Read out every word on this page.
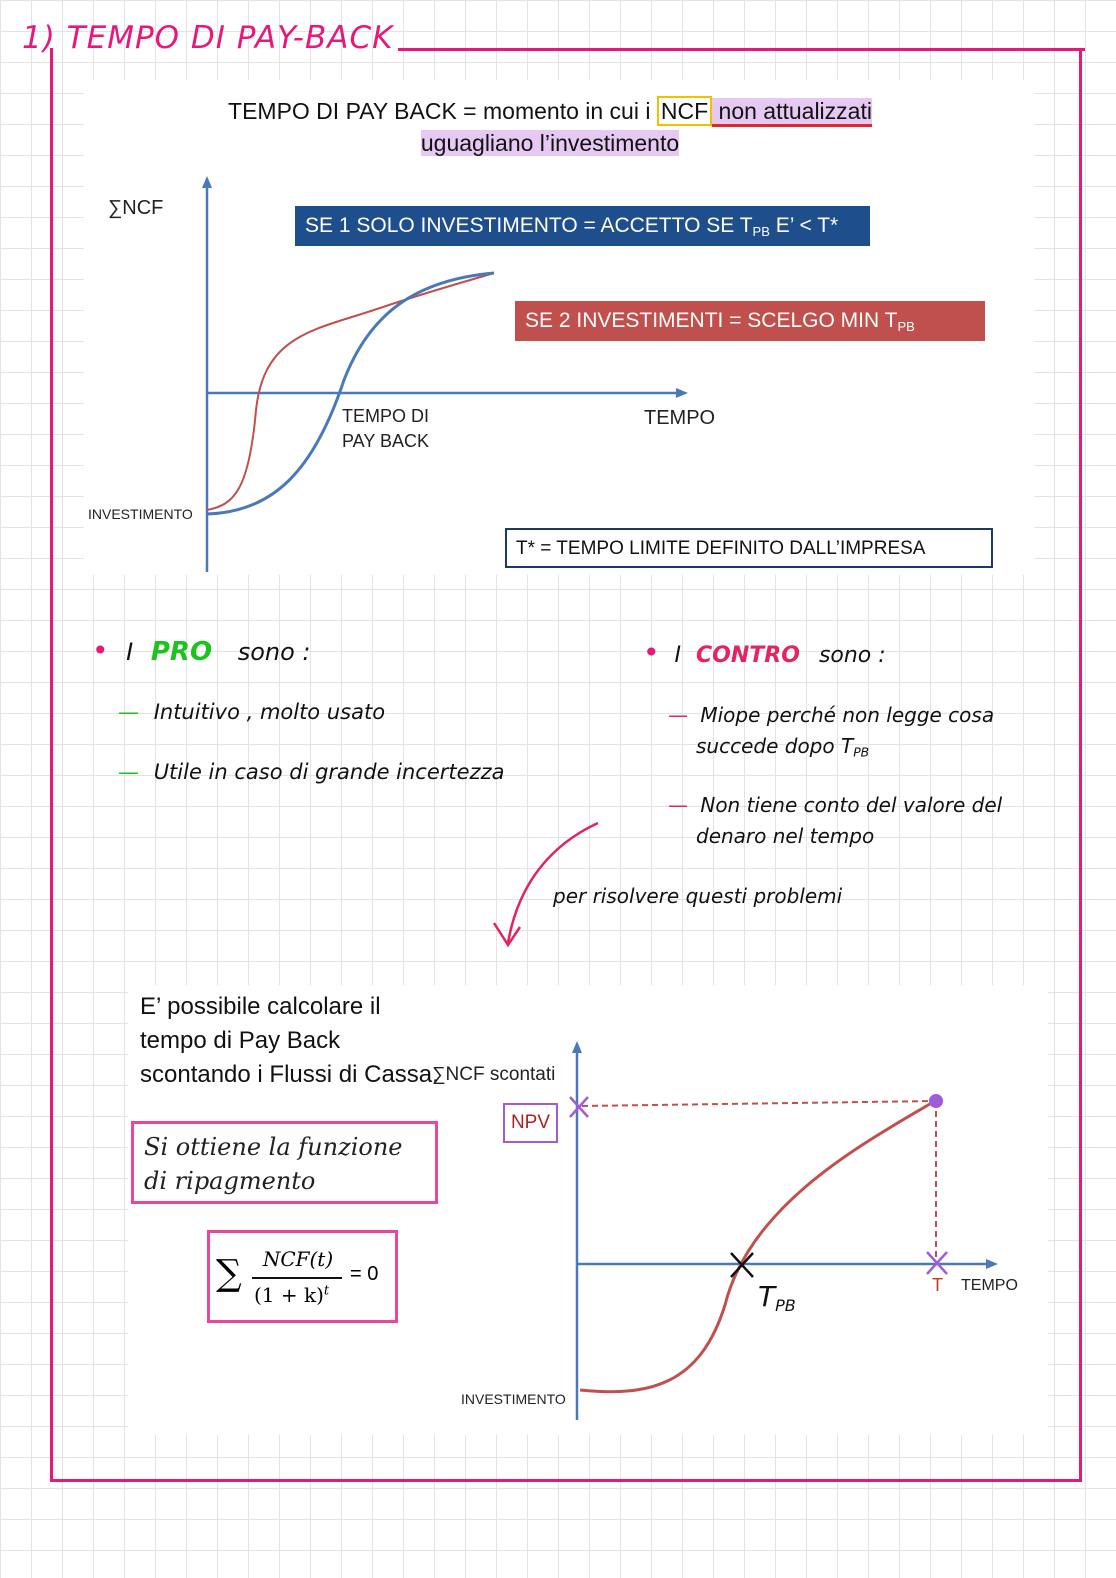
1) TEMPO DI PAY-BACK
TEMPO DI PAY BACK = momento in cui i NCF non attualizzati
uguagliano l’investimento
∑NCF
TEMPO
TEMPO DI
PAY BACK
INVESTIMENTO
SE 1 SOLO INVESTIMENTO = ACCETTO SE $T_{PB}$ E’ < T*
SE 2 INVESTIMENTI = SCELGO MIN $T_{PB}$
T* = TEMPO LIMITE DEFINITO DALL’IMPRESA
• I PRO sono :
— Intuitivo , molto usato
— Utile in caso di grande incertezza
• I CONTRO sono :
— Miope perché non legge cosa
succede dopo $T_{PB}$
— Non tiene conto del valore del
denaro nel tempo
per risolvere questi problemi
E’ possibile calcolare il tempo di Pay Back scontando i Flussi di Cassa.
Si ottiene la funzione di ripagmento
∑	NCF(t)
$(1 + k)^t$
= 0
∑NCF scontati
NPV
$T_{PB}$
T TEMPO
INVESTIMENTO
